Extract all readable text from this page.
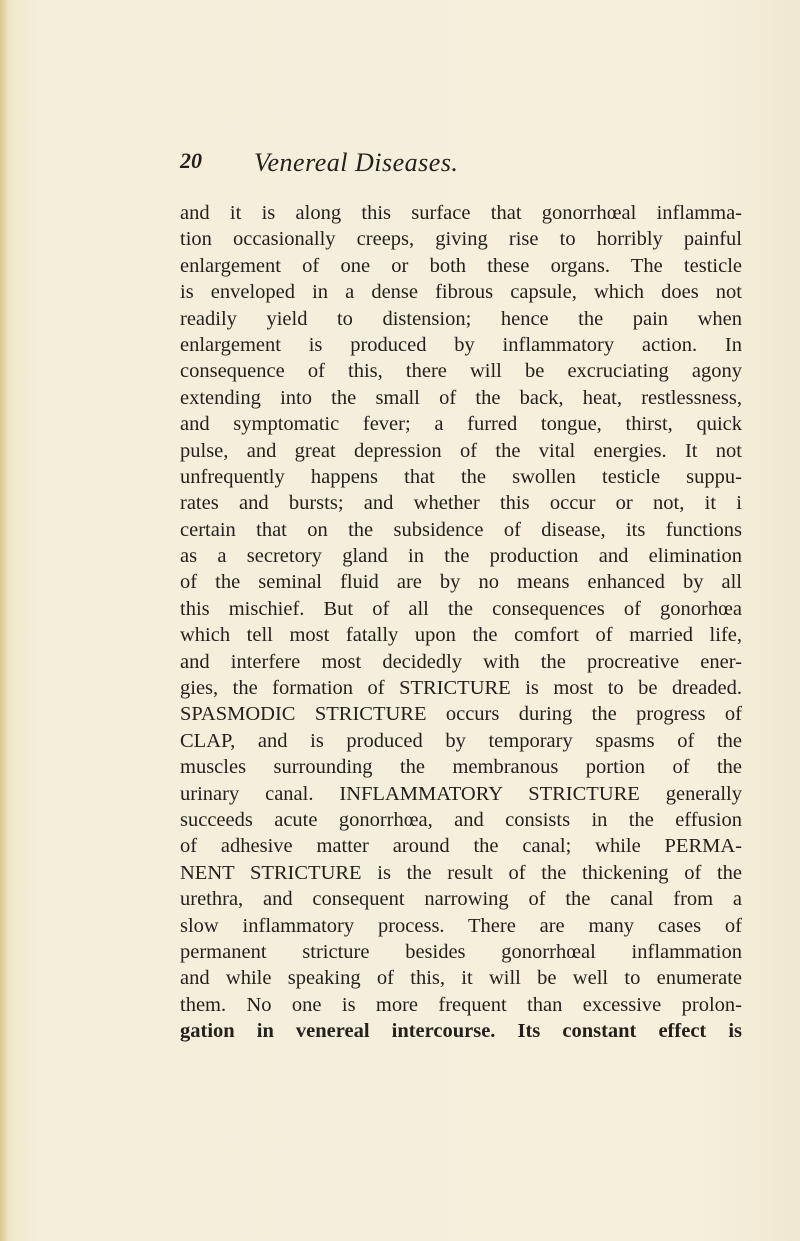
20 Venereal Diseases.
and it is along this surface that gonorrhœal inflamma-
tion occasionally creeps, giving rise to horribly painful
enlargement of one or both these organs. The testicle
is enveloped in a dense fibrous capsule, which does not
readily yield to distension; hence the pain when
enlargement is produced by inflammatory action. In
consequence of this, there will be excruciating agony
extending into the small of the back, heat, restlessness,
and symptomatic fever; a furred tongue, thirst, quick
pulse, and great depression of the vital energies. It not
unfrequently happens that the swollen testicle suppu-
rates and bursts; and whether this occur or not, it i
certain that on the subsidence of disease, its functions
as a secretory gland in the production and elimination
of the seminal fluid are by no means enhanced by all
this mischief. But of all the consequences of gonorhœa
which tell most fatally upon the comfort of married life,
and interfere most decidedly with the procreative ener-
gies, the formation of STRICTURE is most to be dreaded.
SPASMODIC STRICTURE occurs during the progress of
CLAP, and is produced by temporary spasms of the
muscles surrounding the membranous portion of the
urinary canal. INFLAMMATORY STRICTURE generally
succeeds acute gonorrhœa, and consists in the effusion
of adhesive matter around the canal; while PERMA-
NENT STRICTURE is the result of the thickening of the
urethra, and consequent narrowing of the canal from a
slow inflammatory process. There are many cases of
permanent stricture besides gonorrhœal inflammation
and while speaking of this, it will be well to enumerate
them. No one is more frequent than excessive prolon-
gation in venereal intercourse. Its constant effect is
